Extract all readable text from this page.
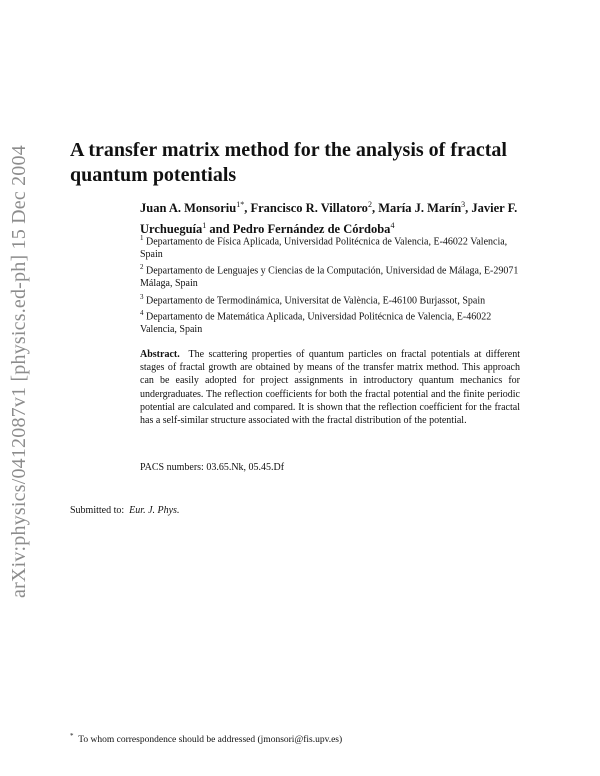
arXiv:physics/0412087v1 [physics.ed-ph] 15 Dec 2004 A transfer matrix method for the analysis of fractal quantum potentials
Juan A. Monsoriu$^{1*}$, Francisco R. Villatoro$^2$, María J. Marín$^3$, Javier F. Urchueguía$^1$ and Pedro Fernández de Córdoba$^4$

$^1$ Departamento de Física Aplicada, Universidad Politécnica de Valencia, E-46022 Valencia, Spain

$^2$ Departamento de Lenguajes y Ciencias de la Computación, Universidad de Málaga, E-29071 Málaga, Spain

$^3$ Departamento de Termodinámica, Universitat de València, E-46100 Burjassot, Spain

$^4$ Departamento de Matemática Aplicada, Universidad Politécnica de Valencia, E-46022 Valencia, Spain

Abstract. The scattering properties of quantum particles on fractal potentials at different stages of fractal growth are obtained by means of the transfer matrix method. This approach can be easily adopted for project assignments in introductory quantum mechanics for undergraduates. The reflection coefficients for both the fractal potential and the finite periodic potential are calculated and compared. It is shown that the reflection coefficient for the fractal has a self-similar structure associated with the fractal distribution of the potential.
PACS numbers: 03.65.Nk, 05.45.Df
Submitted to: Eur. J. Phys.
* To whom correspondence should be addressed (jmonsori@fis.upv.es)
